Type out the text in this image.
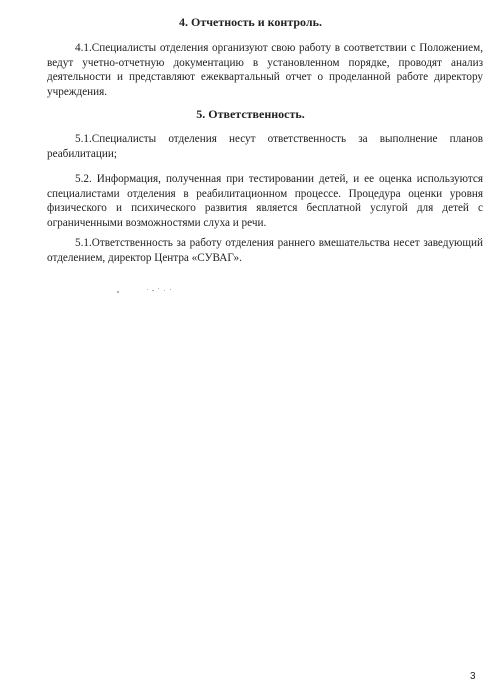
4. Отчетность и контроль.
4.1.Специалисты отделения организуют свою работу в соответствии с Положением,
ведут учетно-отчетную документацию в установленном порядке, проводят анализ
деятельности и представляют ежеквартальный отчет о проделанной работе директору
учреждения.
5. Ответственность.
5.1.Специалисты отделения несут ответственность за выполнение планов
реабилитации;
5.2. Информация, полученная при тестировании детей, и ее оценка используются
специалистами отделения в реабилитационном процессе. Процедура оценки уровня
физического и психического развития является бесплатной услугой для детей с
ограниченными возможностями слуха и речи.
5.1.Ответственность за работу отделения раннего вмешательства несет заведующий
отделением, директор Центра «СУВАГ».
3
